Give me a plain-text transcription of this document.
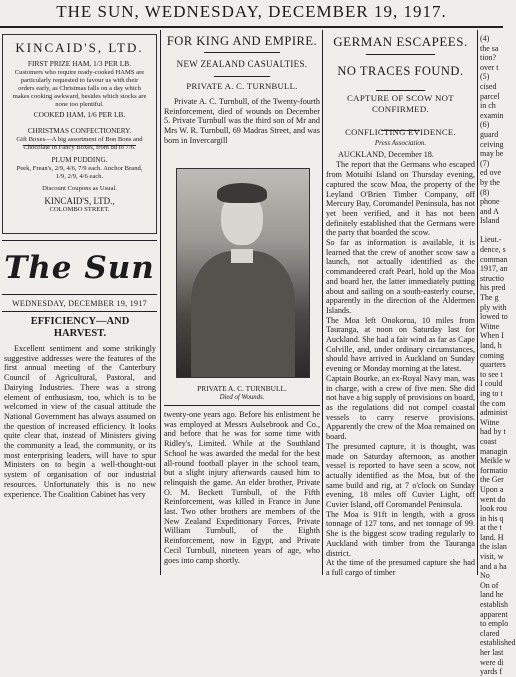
THE SUN, WEDNESDAY, DECEMBER 19, 1917.
KINCAID'S, LTD.
FIRST PRIZE HAM, 1/3 PER LB.
Customers who require ready-cooked HAMS are particularly requested to favour us with their orders early, as Christmas falls on a day which makes cooking awkward, besides which stocks are none too plentiful.
COOKED HAM, 1/6 PER LB.
CHRISTMAS CONFECTIONERY.
Gift Boxes—A big assortment of Bon Bons and Chocolate in Fancy Boxes, from 8d to 7/6.
PLUM PUDDING.
Peek, Frean's, 2/9, 4/6, 7/9 each. Anchor Brand, 1/9, 2/9, 4/6 each.
Discount Coupons as Usual.
KINCAID'S, LTD.,
COLOMBO STREET.
The Sun
WEDNESDAY, DECEMBER 19, 1917
EFFICIENCY—AND HARVEST.
Excellent sentiment and some strikingly suggestive addresses were the features of the first annual meeting of the Canterbury Council of Agricultural, Pastoral, and Dairying Industries. There was a strong element of enthusiasm, too, which is to be welcomed in view of the casual attitude the National Government has always assumed on the question of increased efficiency. It looks quite clear that, instead of Ministers giving the community a lead, the community, or its most enterprising leaders, will have to spur Ministers on to begin a well-thought-out system of organisation of our industrial resources. Unfortunately this is no new experience. The Coalition Cabinet has very
FOR KING AND EMPIRE.
NEW ZEALAND CASUALTIES.
PRIVATE A. C. TURNBULL.
Private A. C. Turnbull, of the Twenty-fourth Reinforcement, died of wounds on December 5. Private Turnbull was the third son of Mr and Mrs W. R. Turnbull, 69 Madras Street, and was born in Invercargill
PRIVATE A. C. TURNBULL.
Died of Wounds.
twenty-one years ago. Before his enlistment he was employed at Messrs Aulsebrook and Co., and before that he was for some time with Ridley's, Limited. While at the Southland School he was awarded the medal for the best all-round football player in the school team, but a slight injury afterwards caused him to relinquish the game. An elder brother, Private O. M. Beckett Turnbull, of the Fifth Reinforcement, was killed in France in June last. Two other brothers are members of the New Zealand Expeditionary Forces, Private William Turnbull, of the Eighth Reinforcement, now in Egypt, and Private Cecil Turnbull, nineteen years of age, who goes into camp shortly.
GERMAN ESCAPEES.
NO TRACES FOUND.
CAPTURE OF SCOW NOT CONFIRMED.
CONFLICTING EVIDENCE.
Press Association.
AUCKLAND, December 18.
The report that the Germans who escaped from Motuihi Island on Thursday evening, captured the scow Moa, the property of the Leyland O'Brien Timber Company, off Mercury Bay, Coromandel Peninsula, has not yet been verified, and it has not been definitely established that the Germans were the party that boarded the scow.
So far as information is available, it is learned that the crew of another scow saw a launch, not actually identified as the commandeered craft Pearl, hold up the Moa and board her, the latter immediately putting about and sailing on a south-easterly course, apparently in the direction of the Aldermen Islands.
The Moa left Onokoroa, 10 miles from Tauranga, at noon on Saturday last for Auckland. She had a fair wind as far as Cape Colville, and, under ordinary circumstances, should have arrived in Auckland on Sunday evening or Monday morning at the latest.
Captain Bourke, an ex-Royal Navy man, was in charge, with a crew of five men. She did not have a big supply of provisions on board, as the regulations did not compel coastal vessels to carry reserve provisions. Apparently the crew of the Moa remained on board.
The presumed capture, it is thought, was made on Saturday afternoon, as another vessel is reported to have seen a scow, not actually identified as the Moa, but of the same build and rig, at 7 o'clock on Sunday evening, 18 miles off Cuvier Light, off Cuvier Island, off Coromandel Peninsula.
The Moa is 91ft in length, with a gross tonnage of 127 tons, and net tonnage of 99. She is the biggest scow trading regularly to Auckland with timber from the Tauranga district.
At the time of the presumed capture she had a full cargo of timber
(4)
the sa
tion?
over t
(5)
cised
parcel
in ch
examin
(6)
guard
ceiving
may be
(7)
ed ove
by the
(8)
phone
and A
Island

Lieut.-
dence, s
comman
1917, an
structio
his pred
The g
ply with
lowed to
Witne
When I
land, h
coming
quarters
to see t
I could
ing to t
the com
administ
Witne
had by t
coast
managin
Meikle w
formatio
the Ger
Upon a
went do
look rou
in his q
at the t
land. H
the islan
visit, w
and a ha
No
On of
land he
establish
apparent
to emplo
clared
established
her last
were di
yards f
